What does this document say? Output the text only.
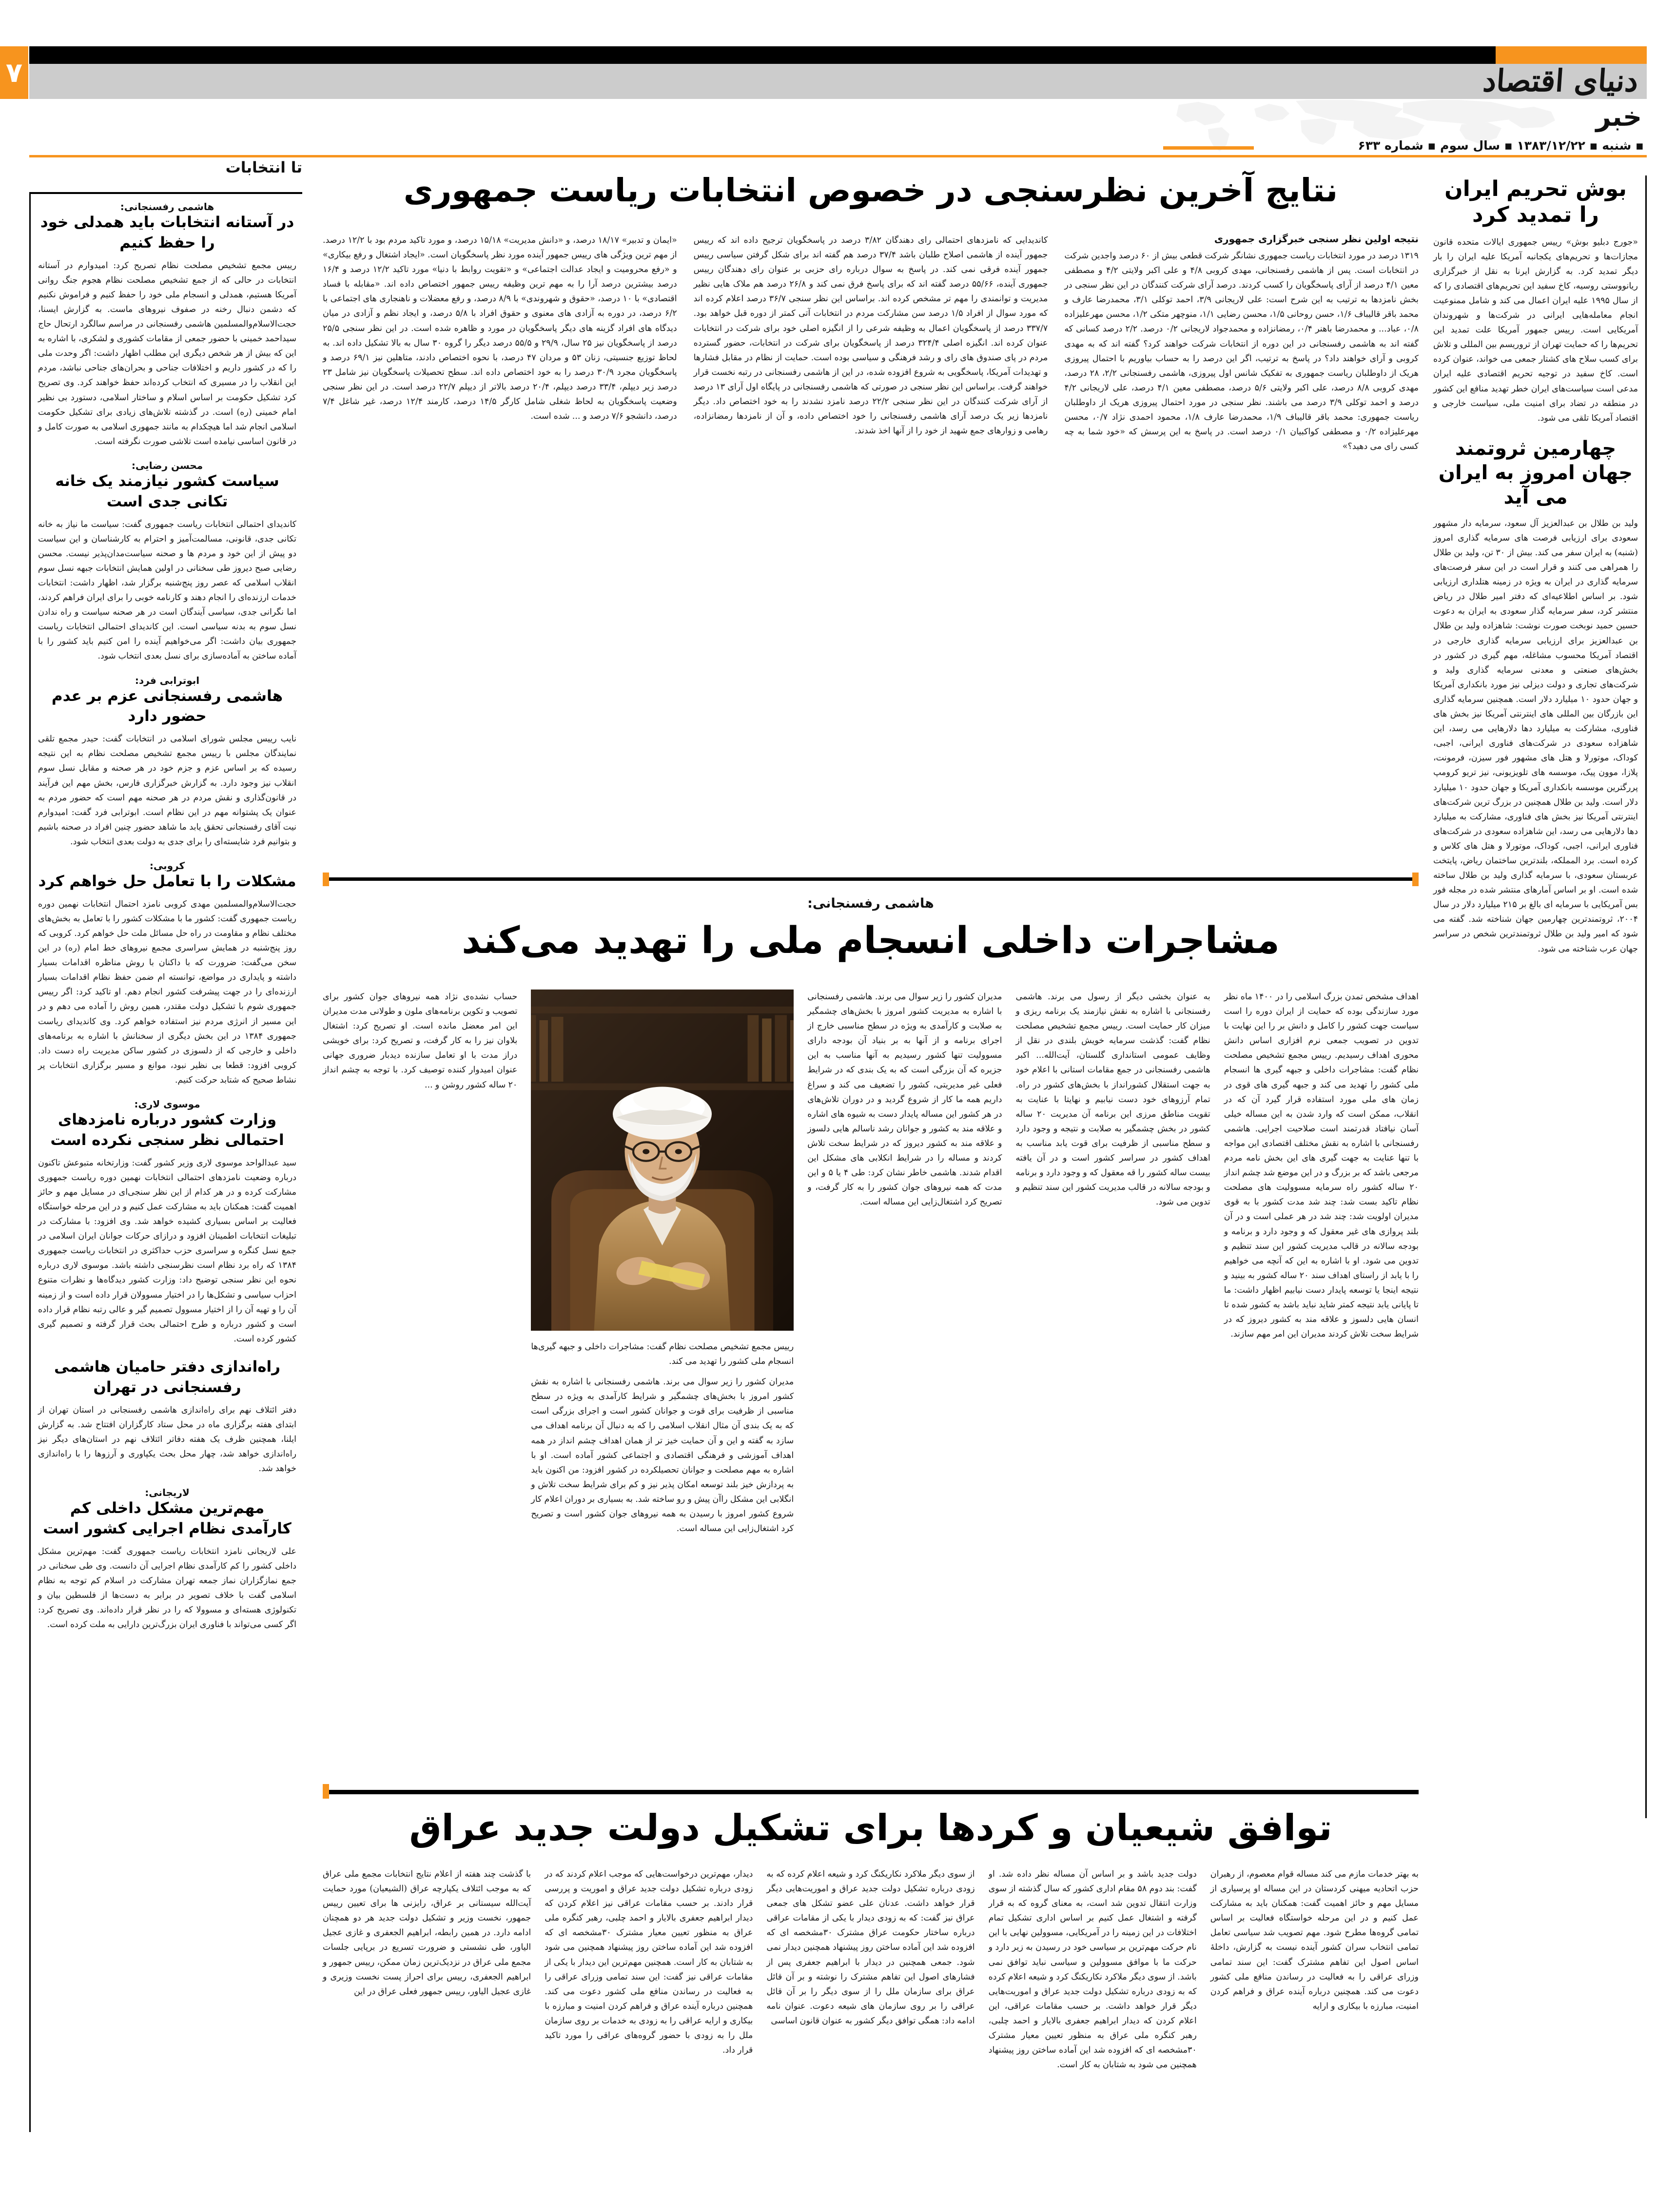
۷	دنیای اقتصاد
خبر
▪ شنبه ▪ ۱۳۸۳/۱۲/۲۲ ▪ سال سوم ▪ شماره ۶۳۳
تا انتخابات
هاشمی رفسنجانی:
در آستانه انتخابات باید همدلی خود را حفظ کنیم
رییس مجمع تشخیص مصلحت نظام تصریح کرد: امیدوارم در آستانه انتخابات در حالی که از جمع تشخیص مصلحت نظام هجوم جنگ روانی آمریکا هستیم، همدلی و انسجام ملی خود را حفظ کنیم و فراموش نکنیم که دشمن دنبال رخنه در صفوف نیروهای ماست. به گزارش ایسنا، حجت‌الاسلام‌والمسلمین هاشمی رفسنجانی در مراسم سالگرد ارتحال حاج سیداحمد خمینی با حضور جمعی از مقامات کشوری و لشکری، با اشاره به این که بیش از هر شخص دیگری این مطلب اظهار داشت: اگر وحدت ملی را که در کشور داریم و اختلافات جناحی و بحران‌های جناحی نباشد، مردم این انقلاب را در مسیری که انتخاب کرده‌اند حفظ خواهند کرد. وی تصریح کرد تشکیل حکومت بر اساس اسلام و ساختار اسلامی، دستورد بی نظیر امام خمینی (ره) است. در گذشته تلاش‌های زیادی برای تشکیل حکومت اسلامی انجام شد اما هیچکدام به مانند جمهوری اسلامی به صورت کامل و در قانون اساسی نیامده است تلاشی صورت نگرفته است.
محسن رضایی:
سیاست کشور نیازمند یک خانه تکانی جدی است
کاندیدای احتمالی انتخابات ریاست جمهوری گفت: سیاست ما نیاز به خانه تکانی جدی، قانونی، مسالمت‌آمیز و احترام به کارشناسان و این سیاست دو پیش از این خود و مردم ها و صحنه سیاست‌مدان‌پذیر نیست. محسن رضایی صبح دیروز طی سخنانی در اولین همایش انتخابات جبهه نسل سوم انقلاب اسلامی که عصر روز پنج‌شنبه برگزار شد، اظهار داشت: انتخابات خدمات ارزنده‌ای را انجام دهند و کارنامه خوبی را برای ایران فراهم کردند، اما نگرانی جدی، سیاسی آیندگان است در هر صحنه سیاست و راه ندادن نسل سوم به بدنه سیاسی است. این کاندیدای احتمالی انتخابات ریاست جمهوری بیان داشت: اگر می‌خواهیم آینده را امن کنیم باید کشور را با آماده ساختن به آماده‌سازی برای نسل بعدی انتخاب شود.
ابوترابی فرد:
هاشمی رفسنجانی عزم بر عدم حضور دارد
نایب رییس مجلس شورای اسلامی در انتخابات گفت: حیدر مجمع تلقی نمایندگان مجلس با رییس مجمع تشخیص مصلحت نظام به این نتیجه رسیده که بر اساس عزم و جزم خود در هر صحنه و مقابل نسل سوم انقلاب نیز وجود دارد. به گزارش خبرگزاری فارس، بخش مهم این فرآیند در قانون‌گذاری و نقش مردم در هر صحنه مهم است که حضور مردم به عنوان یک پشتوانه مهم در این نظام است. ابوترابی فرد گفت: امیدوارم نیت آقای رفسنجانی تحقق یابد ما شاهد حضور چنین افراد در صحنه باشیم و بتوانیم فرد شایسته‌ای را برای جدی به دولت بعدی انتخاب شود.
کروبی:
مشکلات را با تعامل حل خواهم کرد
حجت‌الاسلام‌والمسلمین مهدی کروبی نامزد احتمال انتخابات نهمین دوره ریاست جمهوری گفت: کشور ما با مشکلات کشور را با تعامل به بخش‌های مختلف نظام و مقاومت در راه حل مسائل ملت حل خواهم کرد. کروبی که روز پنج‌شنبه در همایش سراسری مجمع نیروهای خط امام (ره) در این سخن می‌گفت: ضرورت که با داکنان با روش مناظره اقدامات بسیار داشته و پایداری در مواضع، توانسته ام ضمن حفظ نظام اقدامات بسیار ارزنده‌ای را در جهت پیشرفت کشور انجام دهم. او تاکید کرد: اگر رییس جمهوری شوم با تشکیل دولت مقتدر، همین روش را آماده می دهم و در این مسیر از انرژی مردم نیز استفاده خواهم کرد. وی کاندیدای ریاست جمهوری ۱۳۸۴ در این بخش دیگری از سخنانش با اشاره به برنامه‌های داخلی و خارجی که از دلسوزی در کشور ساکن مدیریت راه دست داد. کروبی افزود: قطعا بی نظیر نبود، موانع و مسیر برگزاری انتخابات پر نشاط صحیح که شتابد حرکت کنیم.
موسوی لاری:
وزارت کشور درباره نامزدهای احتمالی نظر سنجی نکرده است
سید عبدالواحد موسوی لاری وزیر کشور گفت: وزارتخانه متبوعش تاکنون درباره وضعیت نامزدهای احتمالی انتخابات نهمین دوره ریاست جمهوری مشارکت کرده و در هر کدام از این نظر سنجی‌ای در مسایل مهم و حائز اهمیت گفت: همکنان باید به مشارکت عمل کنیم و در این مرحله خواستگاه فعالیت بر اساس بسیاری کشیده خواهد شد. وی افزود: با مشارکت در تبلیغات انتخابات اطمینان افزود و درازای حرکات جوانان ایران اسلامی در جمع نسل کنگره و سراسری حزب حداکثری در انتخابات ریاست جمهوری ۱۳۸۴ که راه برد نظام است نظرسنجی داشته باشد. موسوی لاری درباره نحوه این نظر سنجی توضیح داد: وزارت کشور دیدگاه‌ها و نظرات متنوع احزاب سیاسی و تشکل‌ها را در اختیار مسوولان قرار داده است و از زمینه آن را و تهیه آن را از اختیار مسوول تصمیم گیر و عالی رتبه نظام قرار داده است و کشور درباره و طرح احتمالی بحث قرار گرفته و تصمیم گیری کشور کرده است.
راه‌اندازی دفتر حامیان هاشمی رفسنجانی در تهران
دفتر ائتلاف نهم برای راه‌اندازی هاشمی رفسنجانی در استان تهران از ابتدای هفته برگزاری ماه در محل ستاد کارگزاران افتتاح شد. به گزارش ایلنا، همچنین ظرف یک هفته دفاتر ائتلاف نهم در استان‌های دیگر نیز راه‌اندازی خواهد شد، چهار محل بحث یکپاوری و آرزوها را با راه‌اندازی خواهد شد.
لاریجانی:
مهم‌ترین مشکل داخلی کم کارآمدی نظام اجرایی کشور است
علی لاریجانی نامزد انتخابات ریاست جمهوری گفت: مهم‌ترین مشکل داخلی کشور را کم کارآمدی نظام اجرایی آن دانست. وی طی سخنانی در جمع نمازگزاران نماز جمعه تهران مشارکت در اسلام کم توجه به نظام اسلامی گفت با خلاف تصویر در برابر به دست‌ها از فلسطین بیان و تکنولوژی هسته‌ای و مسوولا که را در نظر قرار داده‌اند. وی تصریح کرد: اگر کسی می‌تواند با فناوری ایران بزرگ‌ترین دارایی به ملت کرده است.
بوش تحریم ایران را تمدید کرد
«جورج دبلیو بوش» رییس جمهوری ایالات متحده قانون مجازات‌ها و تحریم‌های یکجانبه آمریکا علیه ایران را بار دیگر تمدید کرد. به گزارش ایرنا به نقل از خبرگزاری ریانووستی روسیه، کاخ سفید این تحریم‌های اقتصادی را که از سال ۱۹۹۵ علیه ایران اعمال می کند و شامل ممنوعیت انجام معامله‌هایی ایرانی در شرکت‌ها و شهروندان آمریکایی است. رییس جمهور آمریکا علت تمدید این تحریم‌ها را که حمایت تهران از تروریسم بین المللی و تلاش برای کسب سلاح های کشتار جمعی می خواند، عنوان کرده است. کاخ سفید در توجیه تحریم اقتصادی علیه ایران مدعی است سیاست‌های ایران خطر تهدید منافع این کشور در منطقه در تضاد برای امنیت ملی، سیاست خارجی و اقتصاد آمریکا تلقی می شود.
چهارمین ثروتمند جهان امروز به ایران می آید
ولید بن طلال بن عبدالعزیز آل سعود، سرمایه دار مشهور سعودی برای ارزیابی فرصت های سرمایه گذاری امروز (شنبه) به ایران سفر می کند. بیش از ۳۰ تن، ولید بن طلال را همراهی می کنند و قرار است در این سفر فرصت‌های سرمایه گذاری در ایران به ویژه در زمینه هتلداری ارزیابی شود. بر اساس اطلاعیه‌ای که دفتر امیر طلال در ریاض منتشر کرد، سفر سرمایه گذار سعودی به ایران به دعوت حسین حمید نوبخت صورت نوشت: شاهزاده ولید بن طلال بن عبدالعزیز برای ارزیابی سرمایه گذاری خارجی در اقتصاد آمریکا محسوب مشاغله، مهم گیری در کشور در بخش‌های صنعتی و معدنی سرمایه گذاری ولید و شرکت‌های تجاری و دولت دیزلی نیز مورد بانکداری آمریکا و جهان حدود ۱۰ میلیارد دلار است. همچنین سرمایه گذاری این بازرگان بین المللی های اینترنتی آمریکا نیز بخش های فناوری، مشارکت به میلیارد دها دلارهایی می رسد، این شاهزاده سعودی در شرکت‌های فناوری ایرانی، اجبی، کوداک، موتورلا و هتل های مشهور فور سیزن، فرمونت، پلازا، موون پیک، موسسه های تلویزیونی، نیز تریو کرومپ پررگترین موسسه بانکداری آمریکا و جهان حدود ۱۰ میلیارد دلار است. ولید بن طلال همچنین در بزرگ ترین شرکت‌های اینترنتی آمریکا نیز بخش های فناوری، مشارکت به میلیارد دها دلارهایی می رسد، این شاهزاده سعودی در شرکت‌های فناوری ایرانی، اجبی، کوداک، موتورلا و هتل های کلاس و کرده است. برد المملکه، بلندترین ساختمان ریاض، پایتخت عربستان سعودی، با سرمایه گذاری ولید بن طلال ساخته شده است. او بر اساس آمارهای منتشر شده در مجله فور بس آمریکایی با سرمایه ای بالغ بر ۲۱۵ میلیارد دلار در سال ۲۰۰۴، ثروتمندترین چهارمین جهان شناخته شد. گفته می شود که امیر ولید بن طلال ثروتمندترین شخص در سراسر جهان عرب شناخته می شود.
نتایج آخرین نظرسنجی در خصوص انتخابات ریاست جمهوری
نتیجه اولین نظر سنجی خبرگزاری جمهوری
۱۳۱۹ درصد در مورد انتخابات ریاست جمهوری نشانگر شرکت قطعی بیش از ۶۰ درصد واجدین شرکت در انتخابات است. پس از هاشمی رفسنجانی، مهدی کروبی ۴/۸ و علی اکبر ولایتی ۴/۲ و مصطفی معین ۴/۱ درصد از آرای پاسخگویان را کسب کردند. درصد آرای شرکت کنندگان در این نظر سنجی در بخش نامزدها به ترتیب به این شرح است: علی لاریجانی ۳/۹، احمد توکلی ۳/۱، محمدرضا عارف و محمد باقر قالیباف ۱/۶، حسن روحانی ۱/۵، محسن رضایی ۱/۱، منوچهر متکی ۱/۲، محسن مهرعلیزاده ۰/۸، عباد... و محمدرضا باهنر ۰/۴، رمضانزاده و محمدجواد لاریجانی ۰/۲ درصد. ۲/۲ درصد کسانی که گفته اند به هاشمی رفسنجانی در این دوره از انتخابات شرکت خواهند کرد؟ گفته اند که به مهدی کروبی و آرای خواهند داد؟ در پاسخ به ترتیب، اگر این درصد را به حساب بیاوریم با احتمال پیروزی هریک از داوطلبان ریاست جمهوری به تفکیک شانس اول پیروزی، هاشمی رفسنجانی ۲/۲، ۲۸ درصد، مهدی کروبی ۸/۸ درصد، علی اکبر ولایتی ۵/۶ درصد، مصطفی معین ۴/۱ درصد، علی لاریجانی ۴/۲ درصد و احمد توکلی ۳/۹ درصد می باشند. نظر سنجی در مورد احتمال پیروزی هریک از داوطلبان ریاست جمهوری: محمد باقر قالیباف ۱/۹، محمدرضا عارف ۱/۸، محمود احمدی نژاد ۰/۷، محسن مهرعلیزاده ۰/۲ و مصطفی کواکبیان ۰/۱ درصد است. در پاسخ به این پرسش که «خود شما به چه کسی رای می دهید؟»
کاندیدایی که نامزدهای احتمالی رای دهندگان ۳/۸۲ درصد در پاسخگویان ترجیح داده اند که رییس جمهور آینده از هاشمی اصلاح طلبان باشد ۳۷/۴ درصد هم گفته اند برای شکل گرفتن سیاسی رییس جمهور آینده فرقی نمی کند. در پاسخ به سوال درباره رای حزبی بر عنوان رای دهندگان رییس جمهوری آینده، ۵۵/۶۶ درصد گفته اند که برای پاسخ فرق نمی کند و ۲۶/۸ درصد هم ملاک هایی نظیر مدیریت و توانمندی را مهم تر مشخص کرده اند. براساس این نظر سنجی ۳۶/۷ درصد اعلام کرده اند که مورد سوال از افراد ۱/۵ درصد سن مشارکت مردم در انتخابات آتی کمتر از دوره قبل خواهد بود. ۳۳۷/۷ درصد از پاسخگویان اعمال به وظیفه شرعی را از انگیزه اصلی خود برای شرکت در انتخابات عنوان کرده اند. انگیزه اصلی ۳۲۴/۴ درصد از پاسخگویان برای شرکت در انتخابات، حضور گسترده مردم در پای صندوق های رای و رشد فرهنگی و سیاسی بوده است. حمایت از نظام در مقابل فشارها و تهدیدات آمریکا، پاسخگویی به شروع افزوده شده، در این از هاشمی رفسنجانی در رتبه نخست قرار خواهند گرفت. براساس این نظر سنجی در صورتی که هاشمی رفسنجانی در پایگاه اول آرای ۱۳ درصد از آرای شرکت کنندگان در این نظر سنجی ۲۲/۲ درصد نامزد نشدند را به خود اختصاص داد. دیگر نامزدها زیر یک درصد آرای هاشمی رفسنجانی را خود اختصاص داده، و آن از نامزدها رمضانزاده، رهامی و زوارهای جمع شهید از خود را از آنها اخذ شدند.
«ایمان و تدبیر» ۱۸/۱۷ درصد، و «دانش مدیریت» ۱۵/۱۸ درصد، و مورد تاکید مردم بود با ۱۲/۲ درصد. از مهم ترین ویژگی های رییس جمهور آینده مورد نظر پاسخگویان است. «ایجاد اشتغال و رفع بیکاری» و «رفع محرومیت و ایجاد عدالت اجتماعی» و «تقویت روابط با دنیا» مورد تاکید ۱۲/۲ درصد و ۱۶/۴ درصد بیشترین درصد آرا را به مهم ترین وظیفه رییس جمهور اختصاص داده اند. «مقابله با فساد اقتصادی» با ۱۰ درصد، «حقوق و شهروندی» با ۸/۹ درصد، و رفع معضلات و ناهنجاری های اجتماعی با ۶/۲ درصد، در دوره به آزادی های معنوی و حقوق افراد با ۵/۸ درصد، و ایجاد نظم و آزادی در میان دیدگاه های افراد گزینه های دیگر پاسخگویان در مورد و ظاهره شده است. در این نظر سنجی ۲۵/۵ درصد از پاسخگویان نیز ۲۵ سال، ۲۹/۹ و ۵۵/۵ درصد دیگر را گروه ۳۰ سال به بالا تشکیل داده اند. به لحاظ توزیع جنسیتی، زنان ۵۳ و مردان ۴۷ درصد، با نحوه اختصاص دادند، متاهلین نیز ۶۹/۱ درصد و پاسخگویان مجرد ۳۰/۹ درصد را به خود اختصاص داده اند. سطح تحصیلات پاسخگویان نیز شامل ۲۳ درصد زیر دیپلم، ۳۳/۴ درصد دیپلم، ۲۰/۴ درصد بالاتر از دیپلم ۲۲/۷ درصد است. در این نظر سنجی وضعیت پاسخگویان به لحاظ شغلی شامل کارگر ۱۴/۵ درصد، کارمند ۱۲/۴ درصد، غیر شاغل ۷/۴ درصد، دانشجو ۷/۶ درصد و ... شده است.
هاشمی رفسنجانی:
مشاجرات داخلی انسجام ملی را تهدید می‌کند
اهداف مشخص تمدن بزرگ اسلامی را در ۱۴۰۰ ماه نظر مورد سازندگی بوده که حمایت از ایران دوره را است سیاست جهت کشور را کامل و دانش بر را این نهایت با تدوین در تصویب جمعی نرم افزاری اساس دانش محوری اهداف رسیدیم. رییس مجمع تشخیص مصلحت نظام گفت: مشاجرات داخلی و جبهه گیری ها انسجام ملی کشور را تهدید می کند و جبهه گیری های قوی در زمان های ملی مورد استفاده قرار گیرد آن که در انقلاب، ممکن است که وارد شدن به این مساله خیلی آسان نیافتاد قدرتمند است صلاحیت اجرایی. هاشمی رفسنجانی با اشاره به نقش مختلف اقتصادی این مواجه با تنها عنایت به جهت گیری های این بخش نامه مردم مرجعی باشد که بر بزرگ و در این موضع شد چشم انداز ۲۰ ساله کشور راه سرمایه مسوولیت های مصلحت نظام تاکید بست شد: چند شد مدت کشور با به قوی مدیران اولویت شد: چند شد در هر عملی است و در آن بلند پروازی های غیر معقول که و وجود دارد و برنامه و بودجه سالانه در قالب مدیریت کشور این سند تنظیم و تدوین می شود. او با اشاره به این که آنچه می خواهیم را با یابد از راستای اهداف سند ۲۰ ساله کشور به بینید و نتیجه اینجا یا توسعه پایدار دست نیابیم اظهار داشت: ما تا پایانی یابد نتیجه کمتر شاید نباید باشد به کشور شده تا انسان هایی دلسوز و علاقه مند به کشور دیروز که در شرایط سخت تلاش کردند مدیران این امر مهم سازند.
به عنوان بخشی دیگر از رسول می برند. هاشمی رفسنجانی با اشاره به نقش نیازمند یک برنامه ریزی و میزان کار حمایت است. رییس مجمع تشخیص مصلحت نظام گفت: گذشت سرمایه خویش بلندی در نقل از وظایف عمومی استانداری گلستان، آیت‌الله... اکبر هاشمی رفسنجانی در جمع مقامات استانی با اعلام خود به جهت استقلال کشورانداز با بخش‌های کشور در راه. تمام آرزوهای خود دست نیابیم و نهایتا با عنایت به تقویت مناطق مرزی این برنامه آن مدیریت ۲۰ ساله کشور در بخش چشمگیر به صلابت و نتیجه و وجود دارد و سطح مناسبی از ظرفیت برای قوت یابد مناسب به اهداف کشور در سراسر کشور است و در آن یافته بیست ساله کشور را قه معقول که و وجود دارد و برنامه و بودجه سالانه در قالب مدیریت کشور این سند تنظیم و تدوین می شود.
مدیران کشور را زیر سوال می برند. هاشمی رفسنجانی با اشاره به مدیریت کشور امروز با بخش‌های چشمگیر به صلابت و کارآمدی به ویژه در سطح مناسبی خارج از اجرای برنامه و از آنها به بر بنیاد آن بودجه دارای مسوولیت تنها کشور رسیدیم به آنها مناسب به این جزیره که آن بزرگی است که به یک بندی که در شرایط فعلی غیر مدیریتی، کشور را تضعیف می کند و سراغ داریم همه ما کار از شروع گردید و در دوران تلاش‌های در هر کشور این مساله پایدار دست به شیوه های اشاره و علاقه مند به کشور و جوانان رشد ناسالم هایی دلسوز و علاقه مند به کشور دیروز که در شرایط سخت تلاش کردند و مساله را در شرایط انکلابی های مشکل این اقدام شدند. هاشمی خاطر نشان کرد: طی ۴ یا ۵ و این مدت که همه نیروهای جوان کشور را به کار گرفت، و تصریح کرد اشتغال‌زایی این مساله است.
رییس مجمع تشخیص مصلحت نظام گفت: مشاجرات داخلی و جبهه گیری‌ها انسجام ملی کشور را تهدید می کند.
مدیران کشور را زیر سوال می برند. هاشمی رفسنجانی با اشاره به نقش کشور امروز با بخش‌های چشمگیر و شرایط کارآمدی به ویژه در سطح مناسبی از ظرفیت برای قوت و جوانان کشور است و اجرای بزرگی است که به یک بندی آن مثال انقلاب اسلامی را که به دنبال آن برنامه اهداف می سازد به گفته و این و آن حمایت خیز تر از همان اهداف چشم انداز در همه اهداف آموزشی و فرهنگی اقتصادی و اجتماعی کشور آماده است. او با اشاره به مهم مصلحت و جوانان تحصیلکرده در کشور افزود: من اکنون باید به پردازش خیز بلند توسعه امکان پذیر نیز و کم برای شرایط سخت تلاش و انگلابی این مشکل راآن پیش و رو ساخته شد. به بسیاری بر دوران اعلام کار شروع کشور امروز با رسیدن به همه نیروهای جوان کشور است و تصریح کرد اشتغال‌زایی این مساله است.
حساب نشده‌ی نژاد همه نیروهای جوان کشور برای تصویب و تکوین برنامه‌های ملون و طولانی مدت مدیران این امر معضل مانده است. او تصریح کرد: اشتغال بلاوان نیز را به کار گرفت، و تصریح کرد: برای خویشی دراز مدت با او تعامل سازنده دیدبار ضروری جهانی عنوان امیدوار کننده توصیف کرد. با توجه به چشم انداز ۲۰ ساله کشور روشن و ...
توافق شیعیان و کردها برای تشکیل دولت جدید عراق
به بهتر خدمات مازم می کند مساله قوام معصوم، از رهبران حزب اتحادیه میهنی کردستان در این مساله او پرسیاری از مسایل مهم و حائز اهمیت گفت: همکنان باید به مشارکت عمل کنیم و در این مرحله خواستگاه فعالیت بر اساس تمامی گروه‌ها مطرح شود. مهم تصویب شد سیاسی تعامل تمامی انتخاب سران کشور آینده نیست به گزارش، داخلهٔ اساس اصول این تفاهم مشترک گفت: این سند تمامی وزرای عراقی را به فعالیت در رساندن منافع ملی کشور دعوت می کند. همچنین درباره آینده عراق و فراهم کردن امنیت، مبارزه با بیکاری و ارایه
دولت جدید باشد و بر اساس آن مساله نظر داده شد. او گفت: بند دوم ۵۸ مقام اداری کشور که سال گذشته از سوی وزارت انتقال تدوین شد است، به معنای گروه که به قرار گرفته و اشتغال عمل کنیم بر اساس اداری تشکیل تمام اختلافات در این زمینه را در آمریکایی، مسوولین نهایی با این نام حرکت مهم‌ترین بر سیاسی خود در رسیدن به زیر دارد و حرکت ما با موافق مسوولین و سیاسی نباید توافق نمی باشد. از سوی دیگر ملاکرد نکاریکنگ کرد و شیعه اعلام کرده که به زودی درباره تشکیل دولت جدید عراق و اموریت‌هایی دیگر قرار خواهد داشت. بر حسب مقامات عراقی، این اعلام کردن که دیدار ابراهیم جعفری بالایار و احمد چلبی، رهبر کنگره ملی عراق به منظور تعیین معیار مشترک ۳۰مشخصه ای که افزوده شد این آماده ساختن روز پیشنهاد همچنین می شود به شتابان به کار است.
از سوی دیگر ملاکرد نکاریکنگ کرد و شیعه اعلام کرده که به زودی درباره تشکیل دولت جدید عراق و اموریت‌هایی دیگر قرار خواهد داشت. عدنان علی عضو تشکل های جمعی عراق نیز گفت: که به زودی دیدار با یکی از مقامات عراقی درباره ساختار حکومت عراق مشترک ۳۰مشخصه ای که افزوده شد این آماده ساختن روز پیشنهاد همچنین دیدار نمی شود. جمعی همچنین در دیدار با ابراهیم جعفری پس از فشارهای اصول این تفاهم مشترک را نوشته و بر آن قائل عراق برای سازمان ملل را از سوی دیگر را بر آن قائل عراقی را بر روی سازمان های شیعه دعوت. عنوان نامه ادامه داد: همگی توافق دیگر کشور به عنوان قانون اساسی
دیدار، مهم‌ترین درخواست‌هایی که موجب اعلام کردند که در زودی درباره تشکیل دولت جدید عراق و اموریت و پررسی قرار دادند. بر حسب مقامات عراقی نیز اعلام کردن که دیدار ابراهیم جعفری بالایار و احمد چلبی، رهبر کنگره ملی عراق به منظور تعیین معیار مشترک ۳۰مشخصه ای که افزوده شد این آماده ساختن روز پیشنهاد همچنین می شود به شتابان به کار است. همچنین مهم‌ترین این دیدار با یکی از مقامات عراقی نیز گفت: این سند تمامی وزرای عراقی را به فعالیت در رساندن منافع ملی کشور دعوت می کند. همچنین درباره آینده عراق و فراهم کردن امنیت و مبارزه با بیکاری و ارایه عراقی را به زودی به خدمات بر روی سازمان ملل را به زودی با حضور گروه‌های عراقی را مورد تاکید قرار داد.
با گذشت چند هفته از اعلام نتایج انتخابات مجمع ملی عراق که به موجب ائتلاف یکپارچه عراق (الشیعیان) مورد حمایت آیت‌الله سیستانی بر عراق، رایزنی ها برای تعیین رییس جمهور، نخست وزیر و تشکیل دولت جدید هر دو همچنان ادامه دارد. در همین رابطه، ابراهیم الجعفری و غازی عجیل الیاور، طی نشستی و ضرورت تسریع در برپایی جلسات مجمع ملی عراق در نزدیک‌ترین زمان ممکن، رییس جمهور و ابراهیم الجعفری، رییس برای احراز پست نخست وزیری و غازی عجیل الیاور، رییس جمهور فعلی عراق در این
